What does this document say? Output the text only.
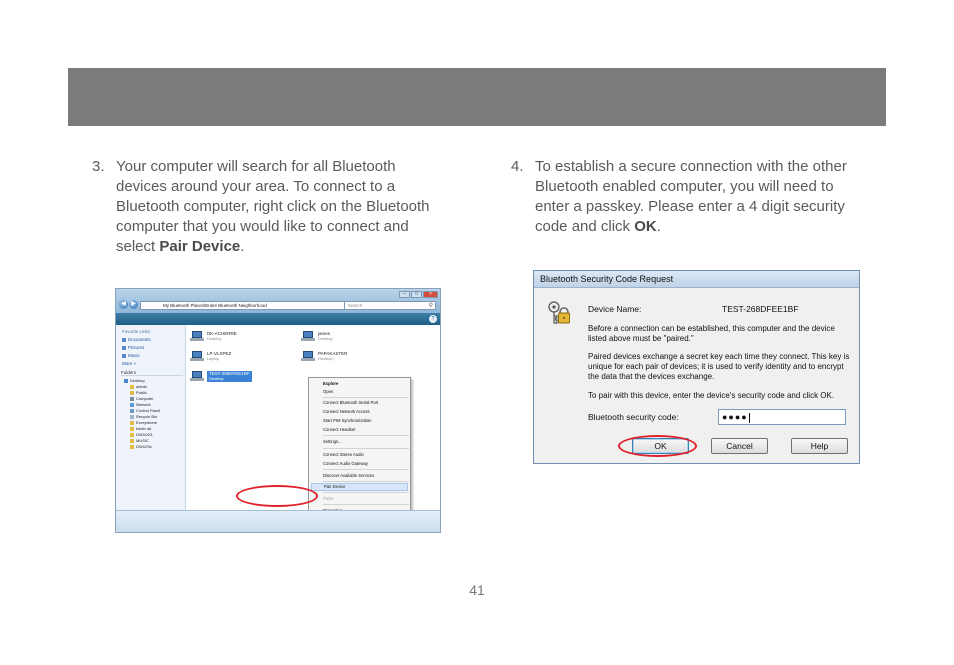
3. Your computer will search for all Bluetooth devices around your area. To connect to a Bluetooth computer, right click on the Bluetooth computer that you would like to connect and select Pair Device.

4. To establish a secure connection with the other Bluetooth enabled computer, you will need to enter a passkey. Please enter a 4 digit security code and click OK.

–	□	×
◀ ▶	My Bluetooth Places\Entire Bluetooth Neighborhood	Search	⚲
?
Favorite Links
Documents
Pictures
Music
More »
Folders
Desktop
admin
Public
Computer
Network
Control Panel
Recycle Bin
Everywhere
folder alt
DWU023-
MUSIC
DWU23v
DK-ACHERRE
Desktop
james
Desktop
LP-VLSPEZ
Laptop
PAPAKASTER
Desktop
TEST-268DFEE1BF
Desktop
Explore
Open
Connect Bluetooth Serial Port
Connect Network Access
Start PIM Synchronization
Connect Headset
Settings...
Connect Stereo Audio
Connect Audio Gateway
Discover Available Services
Pair Device
Paste
Bluetooth Security Code Request
Device Name:	TEST-268DFEE1BF
Before a connection can be established, this computer and the device listed above must be "paired."
Paired devices exchange a secret key each time they connect. This key is unique for each pair of devices; it is used to verify identity and to encrypt the data that the devices exchange.
To pair with this device, enter the device's security code and click OK.
Bluetooth security code:	●●●●
OK	Cancel	Help
41
